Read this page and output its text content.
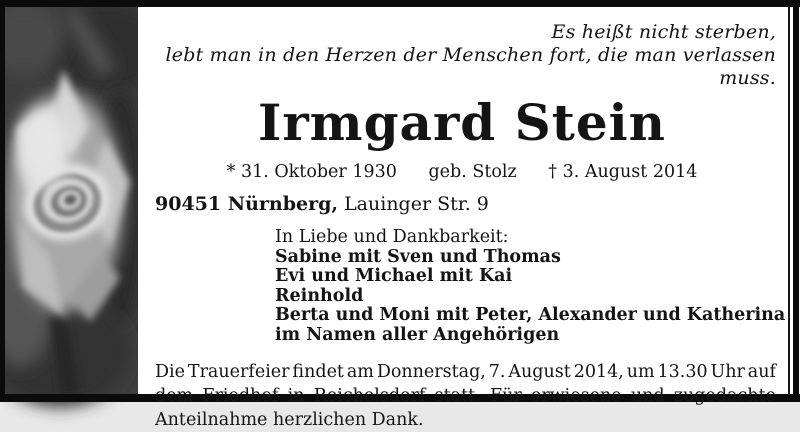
Es heißt nicht sterben,
lebt man in den Herzen der Menschen fort, die man verlassen muss.
Irmgard Stein
* 31. Oktober 1930 geb. Stolz † 3. August 2014
90451 Nürnberg, Lauinger Str. 9
In Liebe und Dankbarkeit:
Sabine mit Sven und Thomas
Evi und Michael mit Kai
Reinhold
Berta und Moni mit Peter, Alexander und Katherina
im Namen aller Angehörigen
Die Trauerfeier findet am Donnerstag, 7. August 2014, um 13.30 Uhr auf
dem Friedhof in Reichelsdorf statt. Für erwiesene und zugedachte
Anteilnahme herzlichen Dank.
